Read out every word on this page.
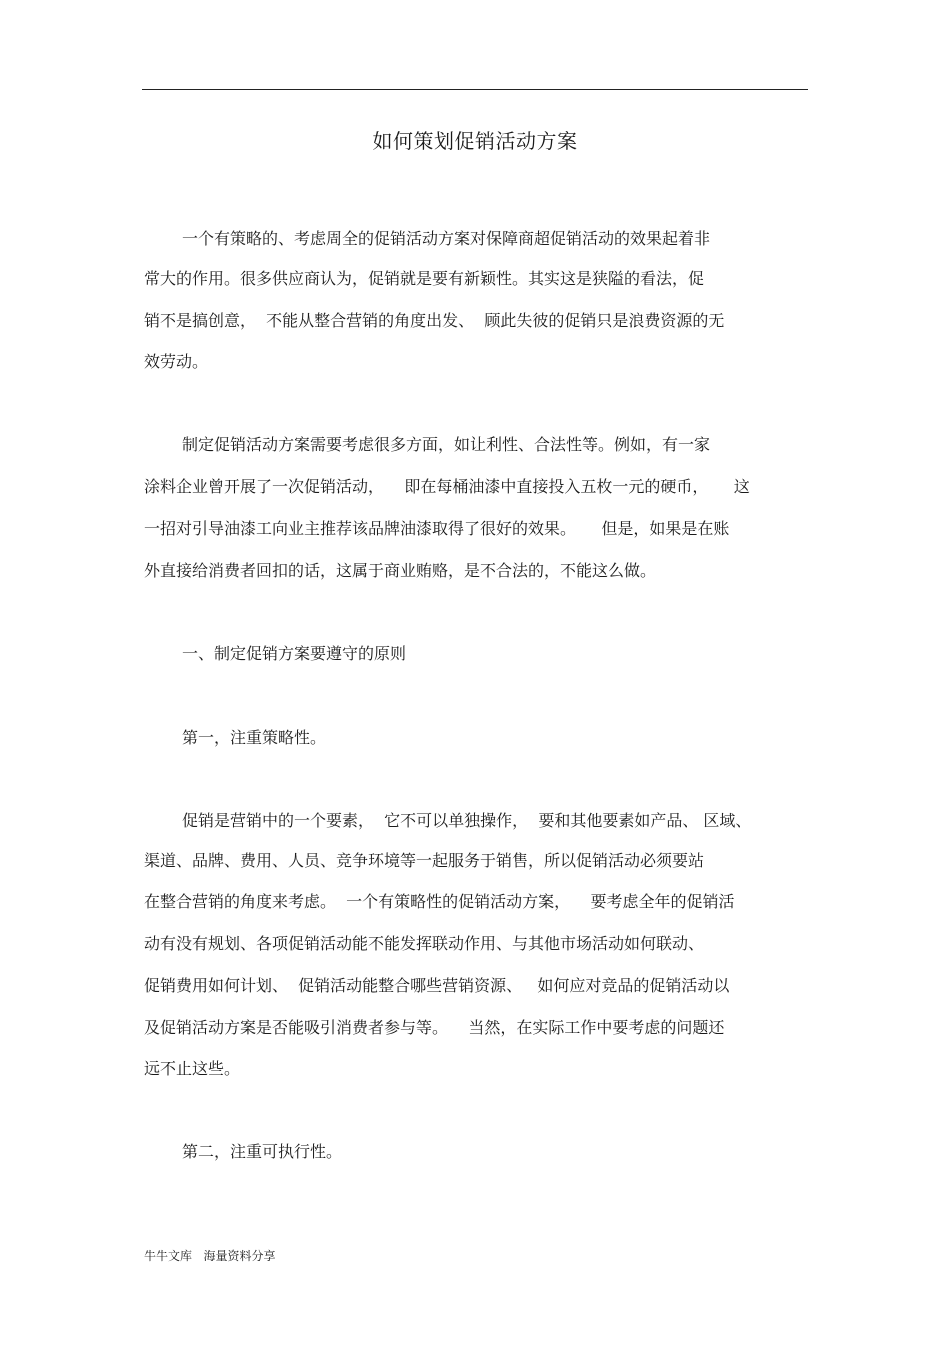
如何策划促销活动方案
一个有策略的、考虑周全的促销活动方案对保障商超促销活动的效果起着非
常大的作用。很多供应商认为，促销就是要有新颖性。其实这是狭隘的看法，促
销不是搞创意，  不能从整合营销的角度出发、  顾此失彼的促销只是浪费资源的无
效劳动。
制定促销活动方案需要考虑很多方面，如让利性、合法性等。例如，有一家
涂料企业曾开展了一次促销活动，    即在每桶油漆中直接投入五枚一元的硬币，     这
一招对引导油漆工向业主推荐该品牌油漆取得了很好的效果。     但是，如果是在账
外直接给消费者回扣的话，这属于商业贿赂，是不合法的，不能这么做。
一、制定促销方案要遵守的原则
第一，注重策略性。
促销是营销中的一个要素，  它不可以单独操作，  要和其他要素如产品、 区域、
渠道、品牌、费用、人员、竞争环境等一起服务于销售，所以促销活动必须要站
在整合营销的角度来考虑。  一个有策略性的促销活动方案，    要考虑全年的促销活
动有没有规划、各项促销活动能不能发挥联动作用、与其他市场活动如何联动、
促销费用如何计划、  促销活动能整合哪些营销资源、   如何应对竞品的促销活动以
及促销活动方案是否能吸引消费者参与等。    当然，在实际工作中要考虑的问题还
远不止这些。
第二，注重可执行性。
牛牛文库   海量资料分享
